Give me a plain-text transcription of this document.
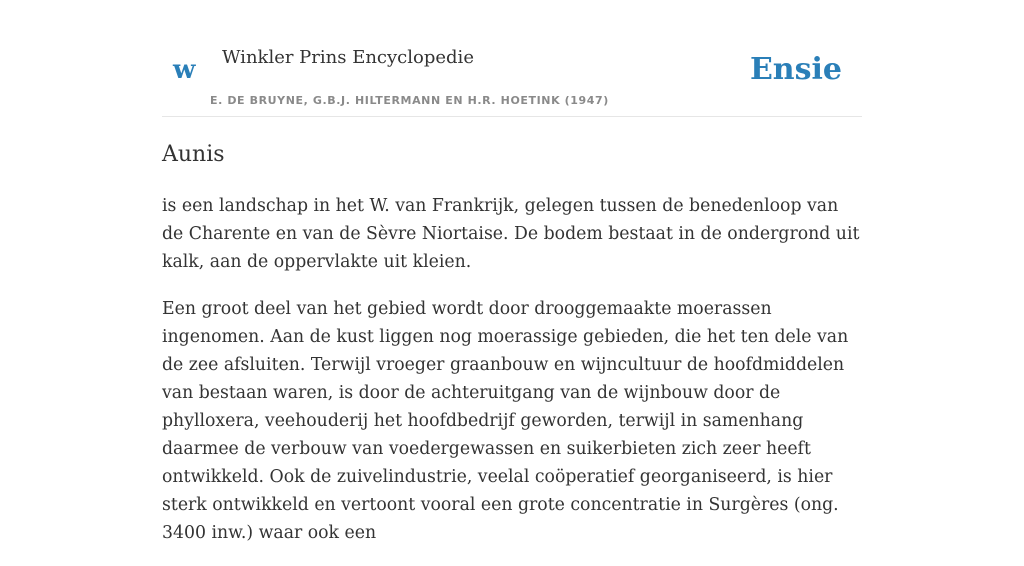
w Winkler Prins Encyclopedie
E. DE BRUYNE, G.B.J. HILTERMANN EN H.R. HOETINK (1947)
Ensie
Aunis

is een landschap in het W. van Frankrijk, gelegen tussen de benedenloop van de Charente en van de Sèvre Niortaise. De bodem bestaat in de ondergrond uit kalk, aan de oppervlakte uit kleien.

Een groot deel van het gebied wordt door drooggemaakte moerassen ingenomen. Aan de kust liggen nog moerassige gebieden, die het ten dele van de zee afsluiten. Terwijl vroeger graanbouw en wijncultuur de hoofdmiddelen van bestaan waren, is door de achteruitgang van de wijnbouw door de phylloxera, veehouderij het hoofdbedrijf geworden, terwijl in samenhang daarmee de verbouw van voedergewassen en suikerbieten zich zeer heeft ontwikkeld. Ook de zuivelindustrie, veelal coöperatief georganiseerd, is hier sterk ontwikkeld en vertoont vooral een grote concentratie in Surgères (ong. 3400 inw.) waar ook een
